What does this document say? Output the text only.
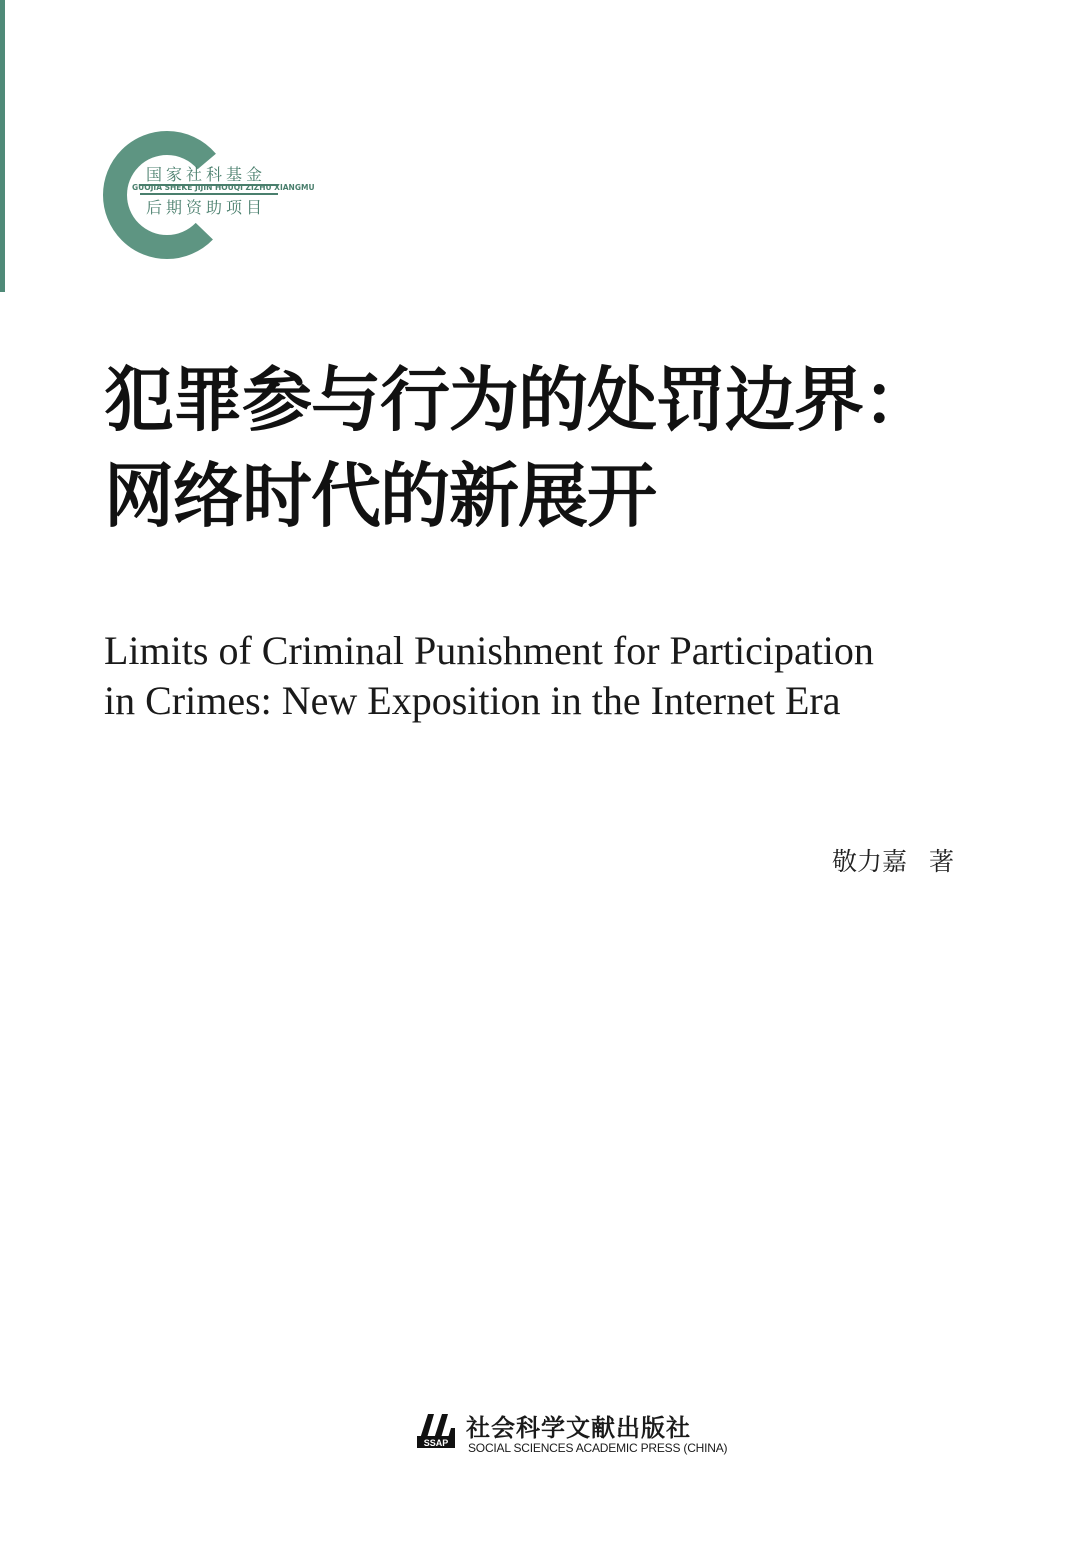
国家社科基金
GUOJIA SHEKE JIJIN HOUQI ZIZHU XIANGMU
后期资助项目
犯罪参与行为的处罚边界：
网络时代的新展开
Limits of Criminal Punishment for Participation
in Crimes: New Exposition in the Internet Era
敬力嘉 著
SSAP
社会科学文献出版社
SOCIAL SCIENCES ACADEMIC PRESS (CHINA)
